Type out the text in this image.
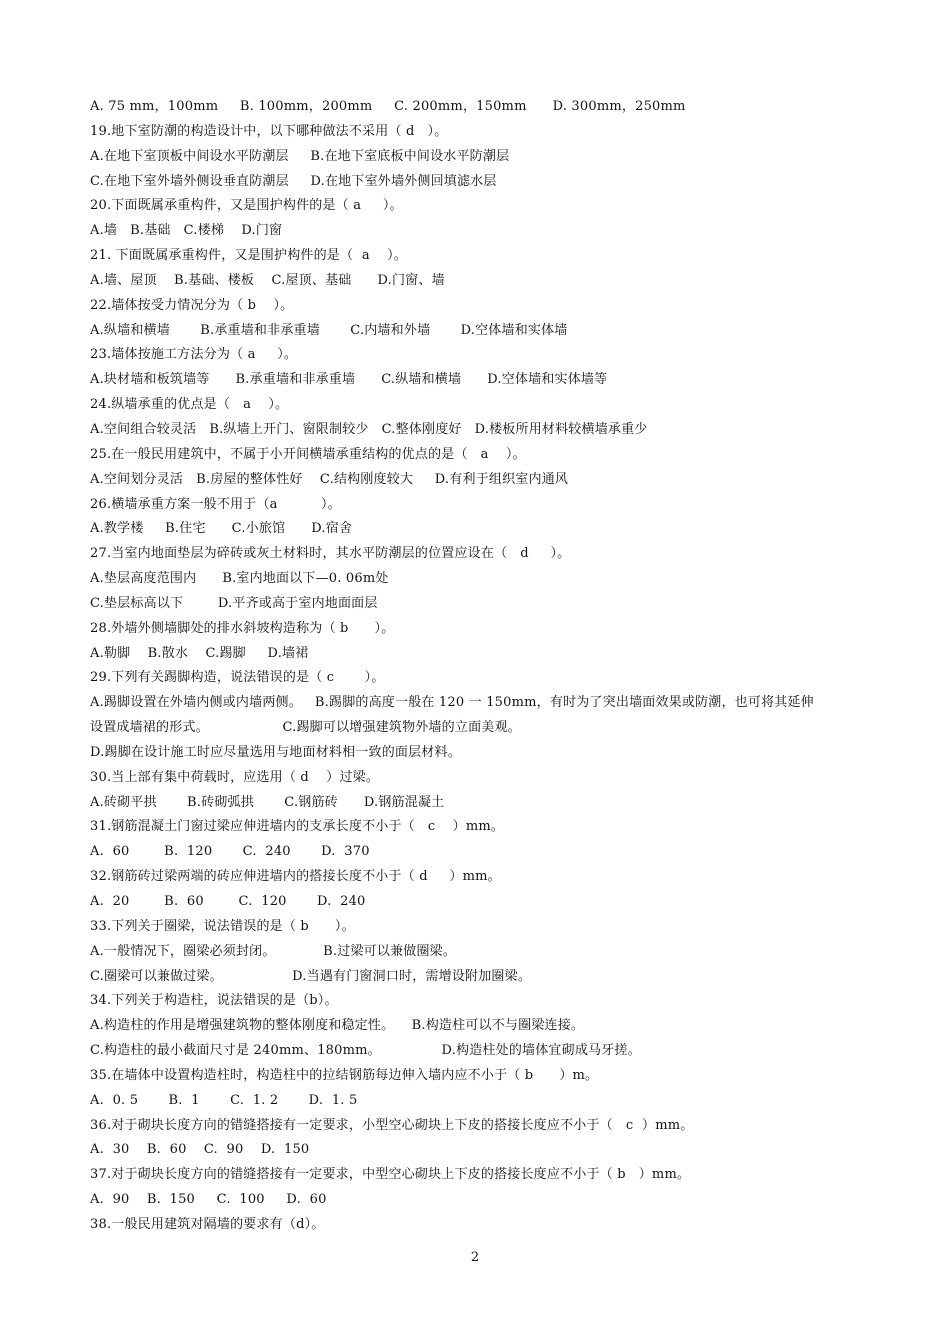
A. 75 mm，100mm     B. 100mm，200mm     C. 200mm，150mm      D. 300mm，250mm
19.地下室防潮的构造设计中，以下哪种做法不采用（ d   ）。
A.在地下室顶板中间设水平防潮层     B.在地下室底板中间设水平防潮层
C.在地下室外墙外侧设垂直防潮层     D.在地下室外墙外侧回填滤水层
20.下面既属承重构件，又是围护构件的是（ a     ）。
A.墙   B.基础   C.楼梯    D.门窗
21. 下面既属承重构件，又是围护构件的是（  a    ）。
A.墙、屋顶    B.基础、楼板    C.屋顶、基础      D.门窗、墙
22.墙体按受力情况分为（ b    ）。
A.纵墙和横墙       B.承重墙和非承重墙       C.内墙和外墙       D.空体墙和实体墙
23.墙体按施工方法分为（ a     ）。
A.块材墙和板筑墙等      B.承重墙和非承重墙      C.纵墙和横墙      D.空体墙和实体墙等
24.纵墙承重的优点是（   a    ）。
A.空间组合较灵活   B.纵墙上开门、窗限制较少   C.整体刚度好   D.楼板所用材料较横墙承重少
25.在一般民用建筑中，不属于小开间横墙承重结构的优点的是（   a    ）。
A.空间划分灵活   B.房屋的整体性好    C.结构刚度较大     D.有利于组织室内通风
26.横墙承重方案一般不用于（a          ）。
A.教学楼     B.住宅      C.小旅馆      D.宿舍
27.当室内地面垫层为碎砖或灰土材料时，其水平防潮层的位置应设在（   d     ）。
A.垫层高度范围内      B.室内地面以下—0. 06m处
C.垫层标高以下        D.平齐或高于室内地面面层
28.外墙外侧墙脚处的排水斜坡构造称为（ b      ）。
A.勒脚    B.散水    C.踢脚     D.墙裙
29.下列有关踢脚构造，说法错误的是（ c       ）。
A.踢脚设置在外墙内侧或内墙两侧。   B.踢脚的高度一般在 120 一 150mm，有时为了突出墙面效果或防潮，也可将其延伸
设置成墙裙的形式。                 C.踢脚可以增强建筑物外墙的立面美观。
D.踢脚在设计施工时应尽量选用与地面材料相一致的面层材料。
30.当上部有集中荷载时，应选用（ d    ）过梁。
A.砖砌平拱       B.砖砌弧拱       C.钢筋砖      D.钢筋混凝土
31.钢筋混凝土门窗过梁应伸进墙内的支承长度不小于（   c    ）mm。
A.  60        B.  120       C.  240       D.  370
32.钢筋砖过梁两端的砖应伸进墙内的搭接长度不小于（ d     ）mm。
A.  20        B.  60        C.  120       D.  240
33.下列关于圈梁，说法错误的是（ b      ）。
A.一般情况下，圈梁必须封闭。           B.过梁可以兼做圈梁。
C.圈梁可以兼做过梁。                D.当遇有门窗洞口时，需增设附加圈梁。
34.下列关于构造柱，说法错误的是（b）。
A.构造柱的作用是增强建筑物的整体刚度和稳定性。    B.构造柱可以不与圈梁连接。
C.构造柱的最小截面尺寸是 240mm、180mm。              D.构造柱处的墙体宜砌成马牙搓。
35.在墙体中设置构造柱时，构造柱中的拉结钢筋每边伸入墙内应不小于（ b      ）m。
A.  0. 5       B.  1       C.  1. 2       D.  1. 5
36.对于砌块长度方向的错缝搭接有一定要求，小型空心砌块上下皮的搭接长度应不小于（   c  ）mm。
A.  30    B.  60    C.  90    D.  150
37.对于砌块长度方向的错缝搭接有一定要求，中型空心砌块上下皮的搭接长度应不小于（ b   ）mm。
A.  90    B.  150     C.  100     D.  60
38.一般民用建筑对隔墙的要求有（d）。
2
